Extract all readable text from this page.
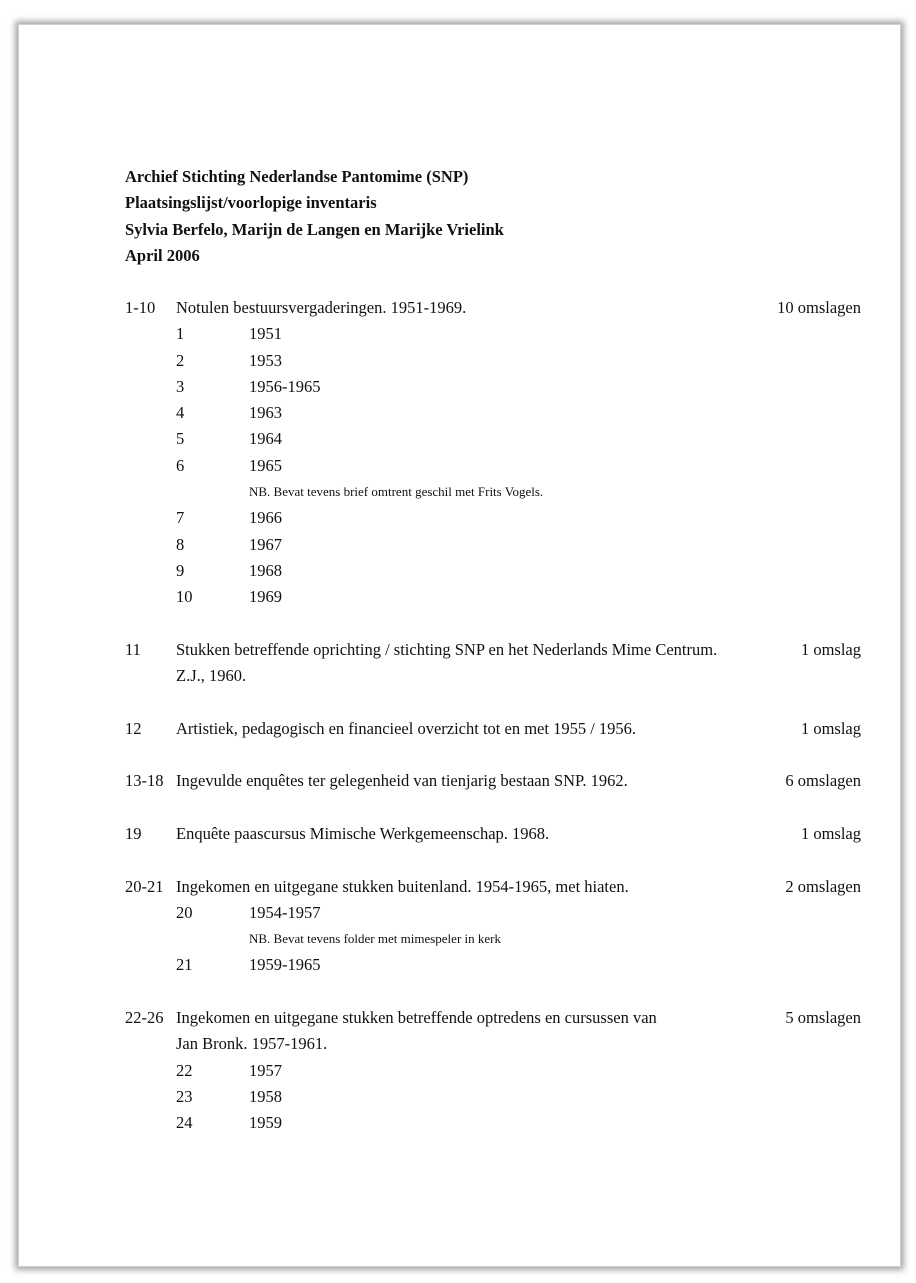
Archief Stichting Nederlandse Pantomime (SNP)
Plaatsingslijst/voorlopige inventaris
Sylvia Berfelo, Marijn de Langen en Marijke Vrielink
April 2006
1-10 Notulen bestuursvergaderingen. 1951-1969.	10 omslagen
1	1951
2	1953
3	1956-1965
4	1963
5	1964
6	1965
NB. Bevat tevens brief omtrent geschil met Frits Vogels.
7	1966
8	1967
9	1968
10	1969
11 Stukken betreffende oprichting / stichting SNP en het Nederlands Mime Centrum.	1 omslag
Z.J., 1960.
12 Artistiek, pedagogisch en financieel overzicht tot en met 1955 / 1956.	1 omslag
13-18 Ingevulde enquêtes ter gelegenheid van tienjarig bestaan SNP. 1962.	6 omslagen
19 Enquête paascursus Mimische Werkgemeenschap. 1968.	1 omslag
20-21 Ingekomen en uitgegane stukken buitenland. 1954-1965, met hiaten.	2 omslagen
20	1954-1957
NB. Bevat tevens folder met mimespeler in kerk
21	1959-1965
22-26 Ingekomen en uitgegane stukken betreffende optredens en cursussen van	5 omslagen
Jan Bronk. 1957-1961.
22	1957
23	1958
24	1959
